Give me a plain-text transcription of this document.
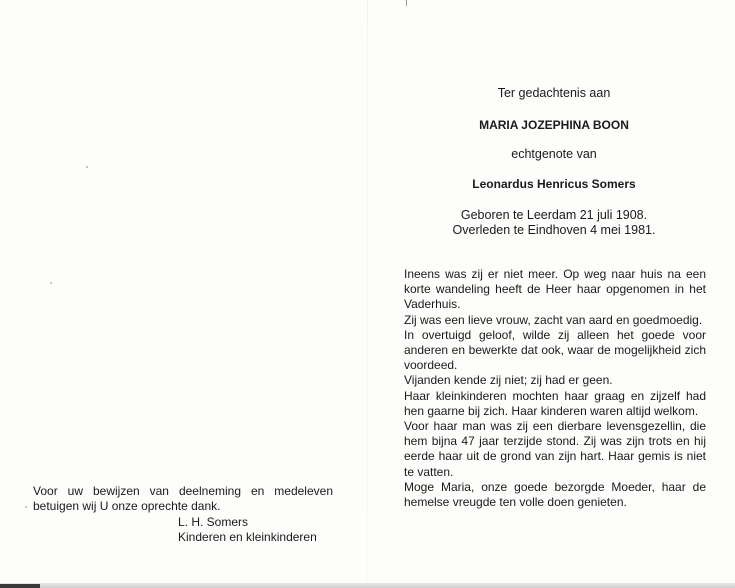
Ter gedachtenis aan
MARIA JOZEPHINA BOON
echtgenote van
Leonardus Henricus Somers
Geboren te Leerdam 21 juli 1908.
Overleden te Eindhoven 4 mei 1981.

Ineens was zij er niet meer. Op weg naar huis na een korte wandeling heeft de Heer haar opgenomen in het Vaderhuis.

Zij was een lieve vrouw, zacht van aard en goedmoedig.

In overtuigd geloof, wilde zij alleen het goede voor anderen en bewerkte dat ook, waar de mogelijkheid zich voordeed.

Vijanden kende zij niet; zij had er geen.

Haar kleinkinderen mochten haar graag en zijzelf had hen gaarne bij zich. Haar kinderen waren altijd welkom.

Voor haar man was zij een dierbare levensgezellin, die hem bijna 47 jaar terzijde stond. Zij was zijn trots en hij eerde haar uit de grond van zijn hart. Haar gemis is niet te vatten.

Moge Maria, onze goede bezorgde Moeder, haar de hemelse vreugde ten volle doen genieten.

Voor uw bewijzen van deelneming en medeleven betuigen wij U onze oprechte dank.

L. H. Somers
Kinderen en kleinkinderen
